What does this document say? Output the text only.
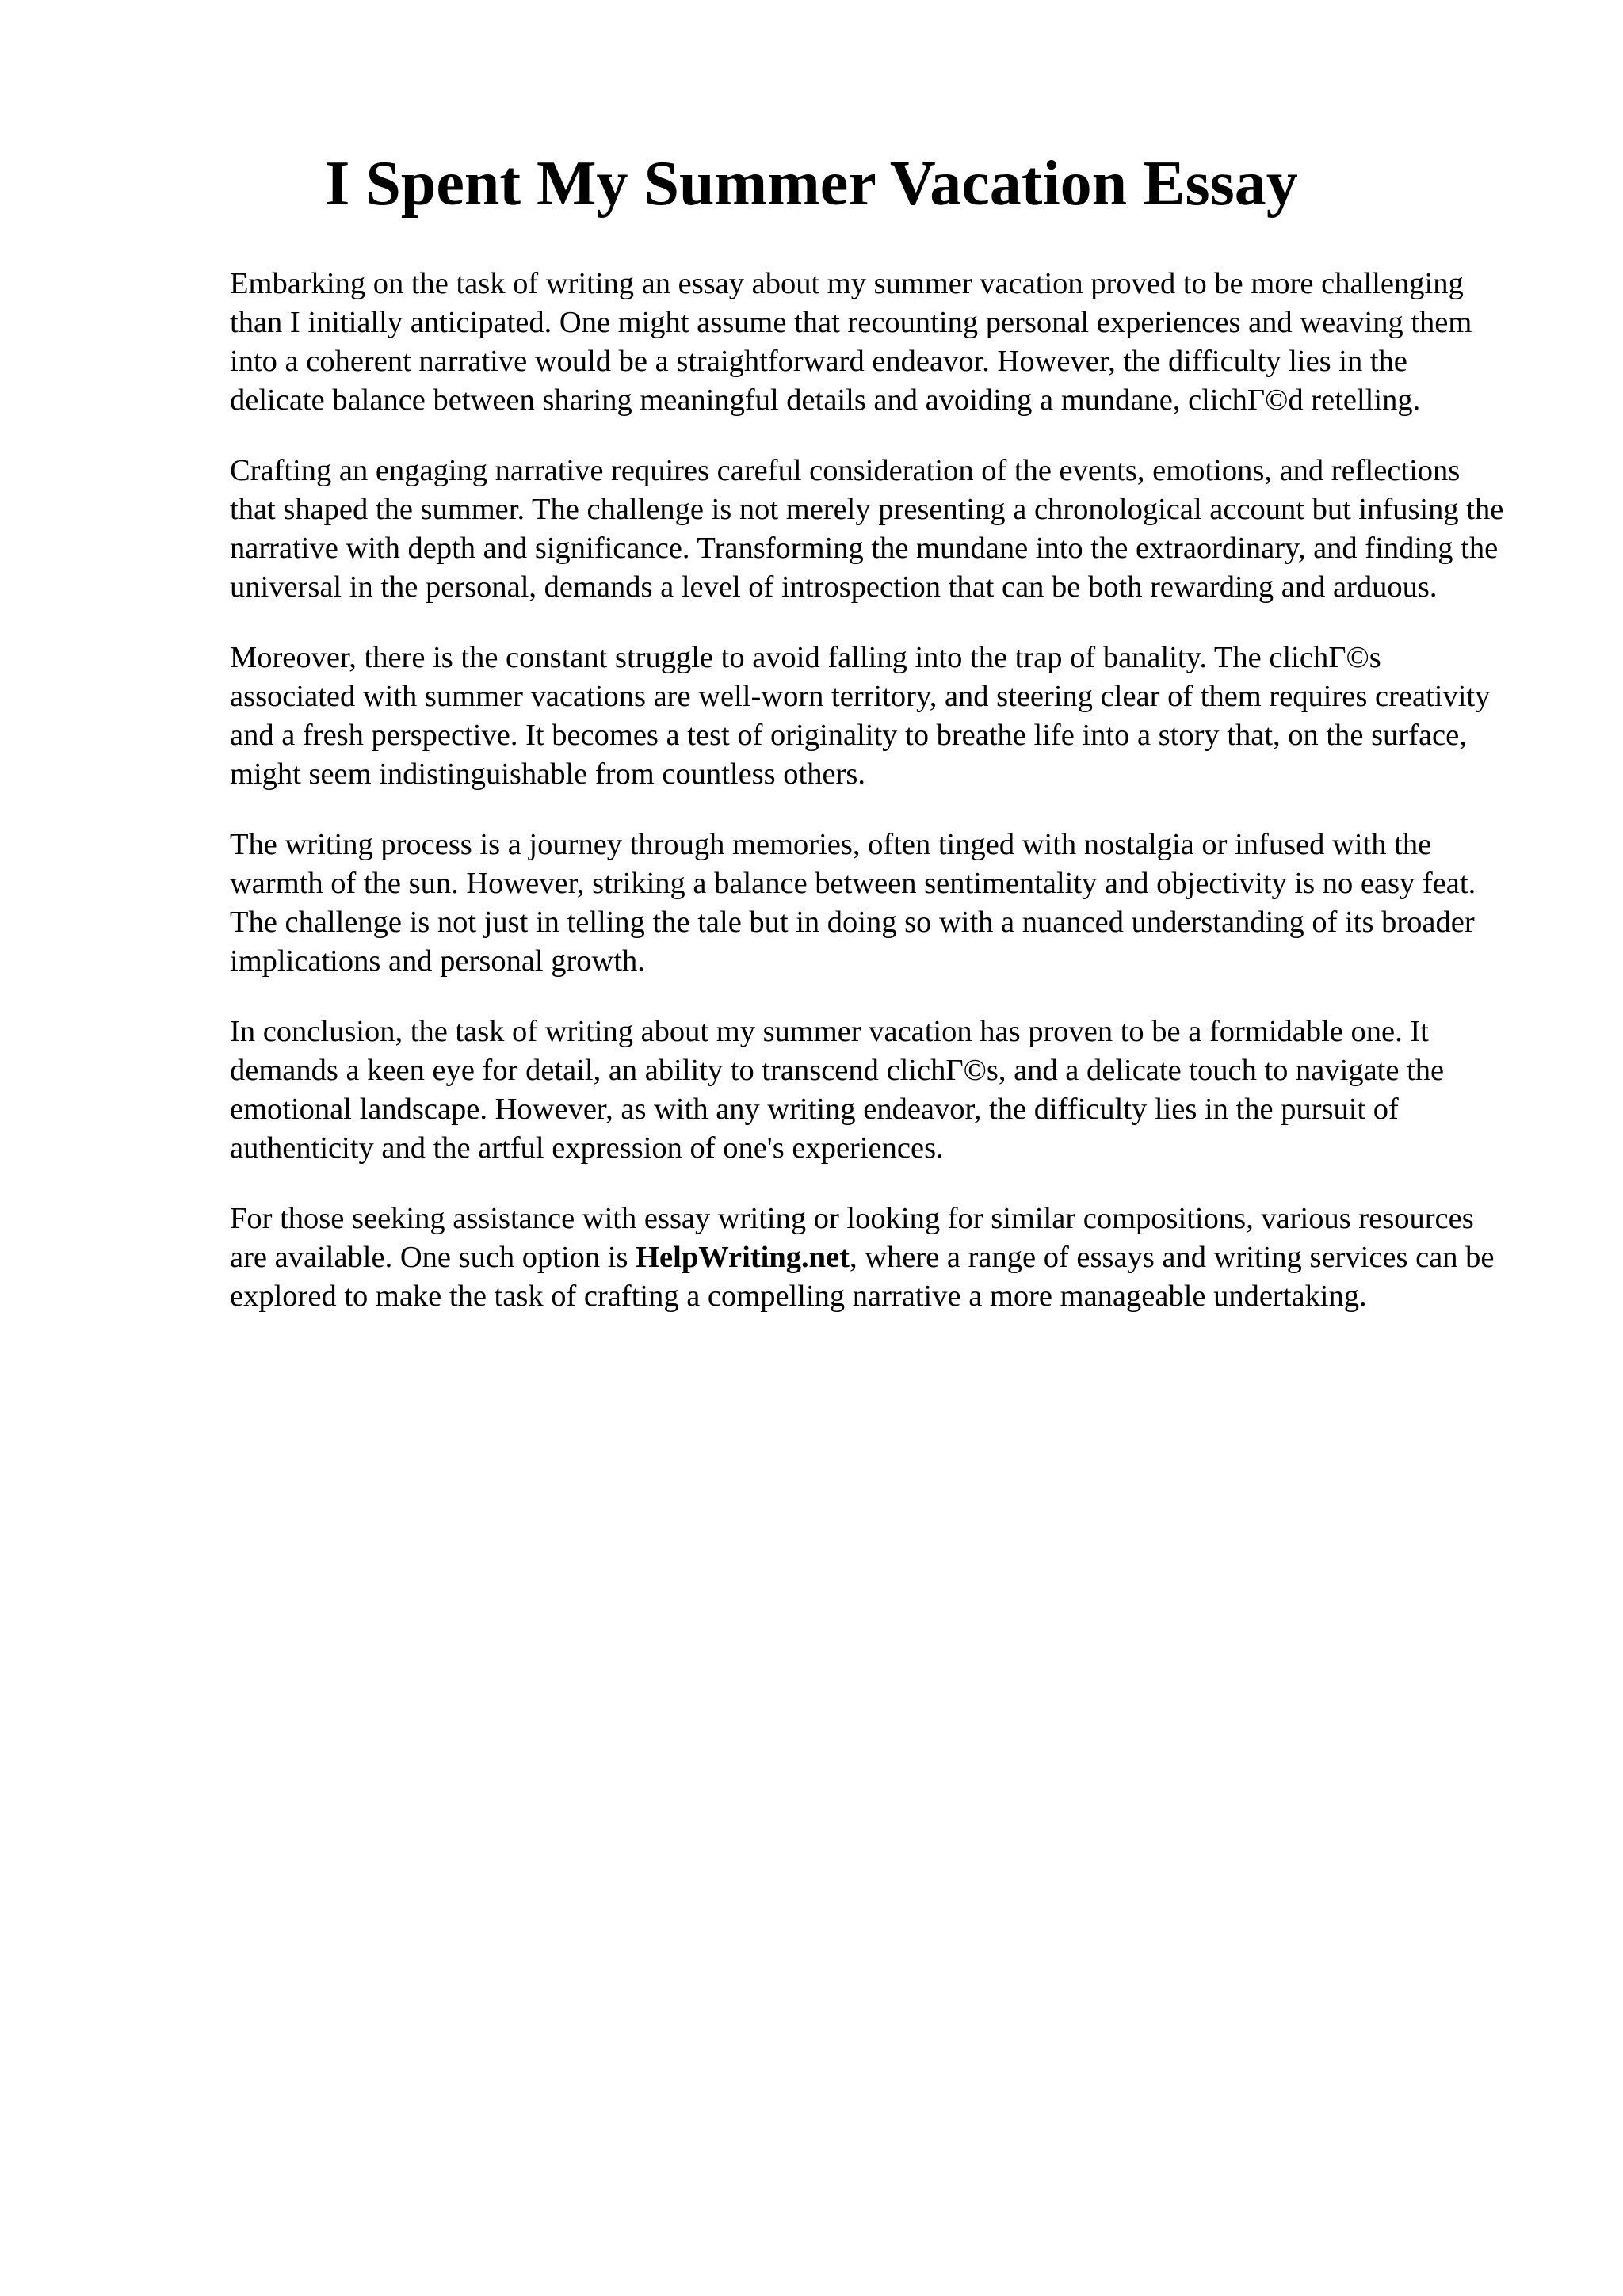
I Spent My Summer Vacation Essay

Embarking on the task of writing an essay about my summer vacation proved to be more challenging than I initially anticipated. One might assume that recounting personal experiences and weaving them into a coherent narrative would be a straightforward endeavor. However, the difficulty lies in the delicate balance between sharing meaningful details and avoiding a mundane, clichГ©d retelling.

Crafting an engaging narrative requires careful consideration of the events, emotions, and reflections that shaped the summer. The challenge is not merely presenting a chronological account but infusing the narrative with depth and significance. Transforming the mundane into the extraordinary, and finding the universal in the personal, demands a level of introspection that can be both rewarding and arduous.

Moreover, there is the constant struggle to avoid falling into the trap of banality. The clichГ©s associated with summer vacations are well-worn territory, and steering clear of them requires creativity and a fresh perspective. It becomes a test of originality to breathe life into a story that, on the surface, might seem indistinguishable from countless others.

The writing process is a journey through memories, often tinged with nostalgia or infused with the warmth of the sun. However, striking a balance between sentimentality and objectivity is no easy feat. The challenge is not just in telling the tale but in doing so with a nuanced understanding of its broader implications and personal growth.

In conclusion, the task of writing about my summer vacation has proven to be a formidable one. It demands a keen eye for detail, an ability to transcend clichГ©s, and a delicate touch to navigate the emotional landscape. However, as with any writing endeavor, the difficulty lies in the pursuit of authenticity and the artful expression of one's experiences.

For those seeking assistance with essay writing or looking for similar compositions, various resources are available. One such option is HelpWriting.net, where a range of essays and writing services can be explored to make the task of crafting a compelling narrative a more manageable undertaking.
